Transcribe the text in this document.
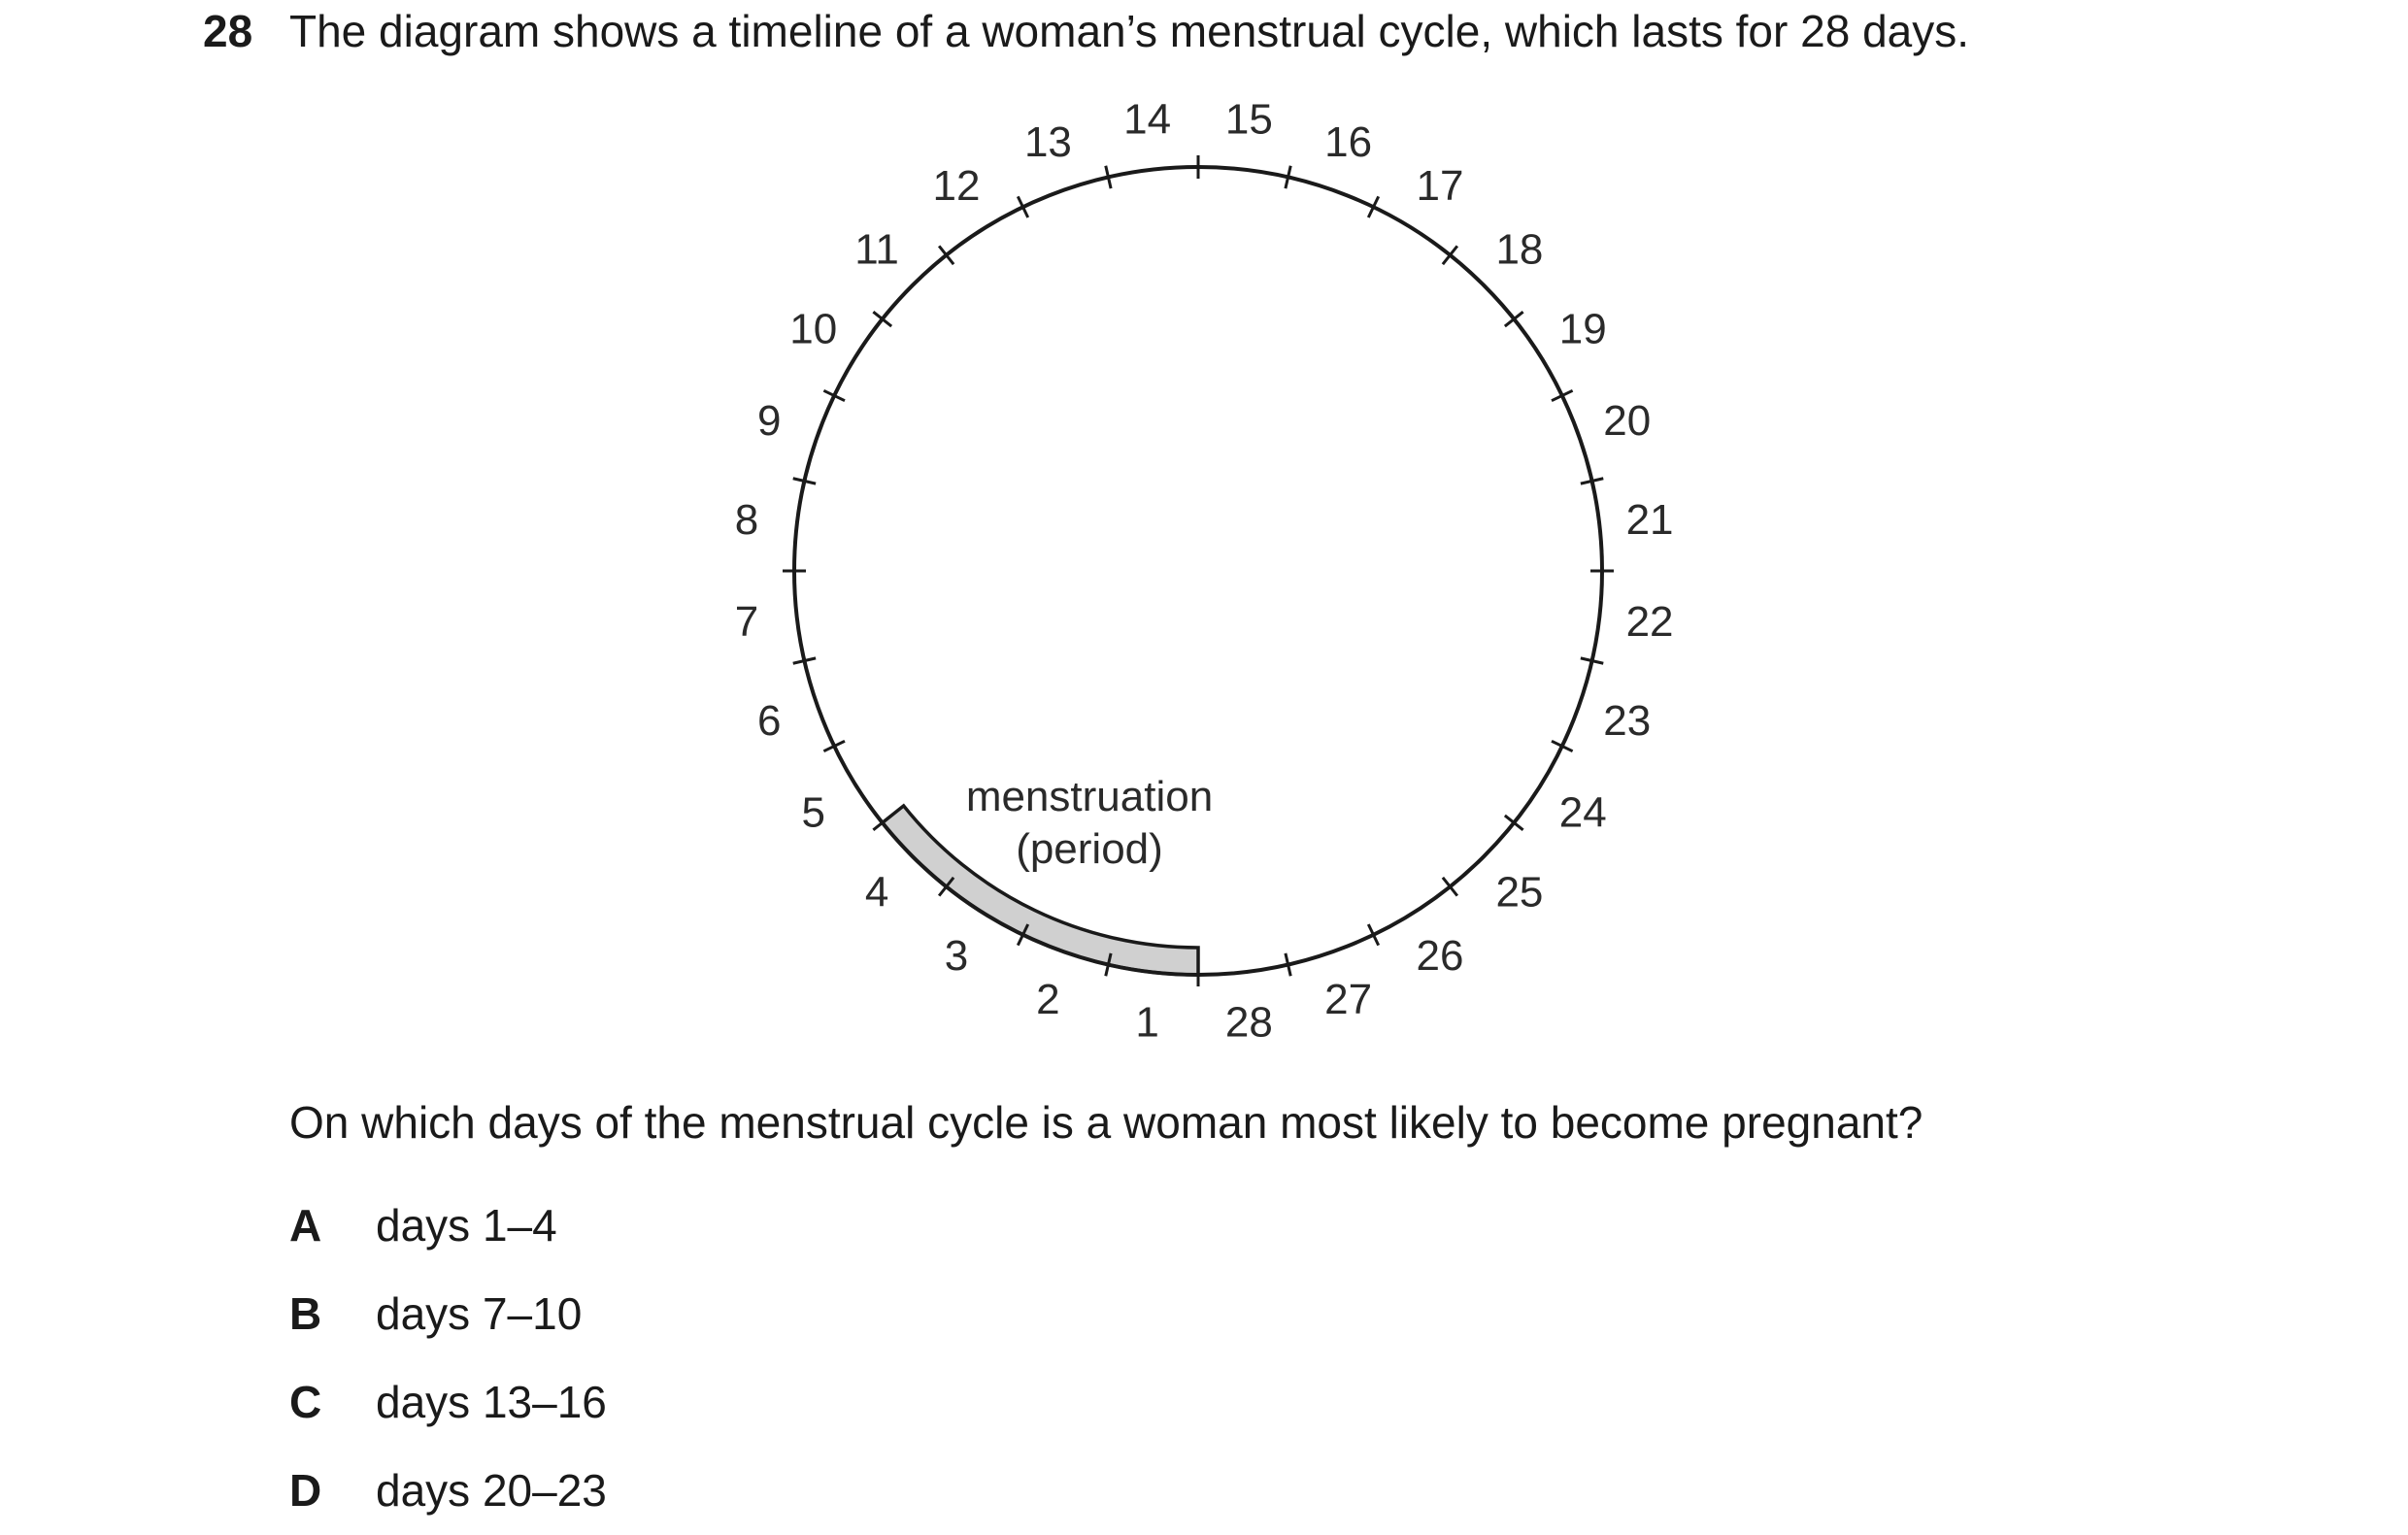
28 The diagram shows a timeline of a woman’s menstrual cycle, which lasts for 28 days.
1
2
3
4
5
6
7
8
9
10
11
12
13 14 15 16
17
18
19
20
21
22
23
24
25
26
27
28
menstruation
(period)
On which days of the menstrual cycle is a woman most likely to become pregnant?
A days 1–4
B days 7–10
C days 13–16
D days 20–23
